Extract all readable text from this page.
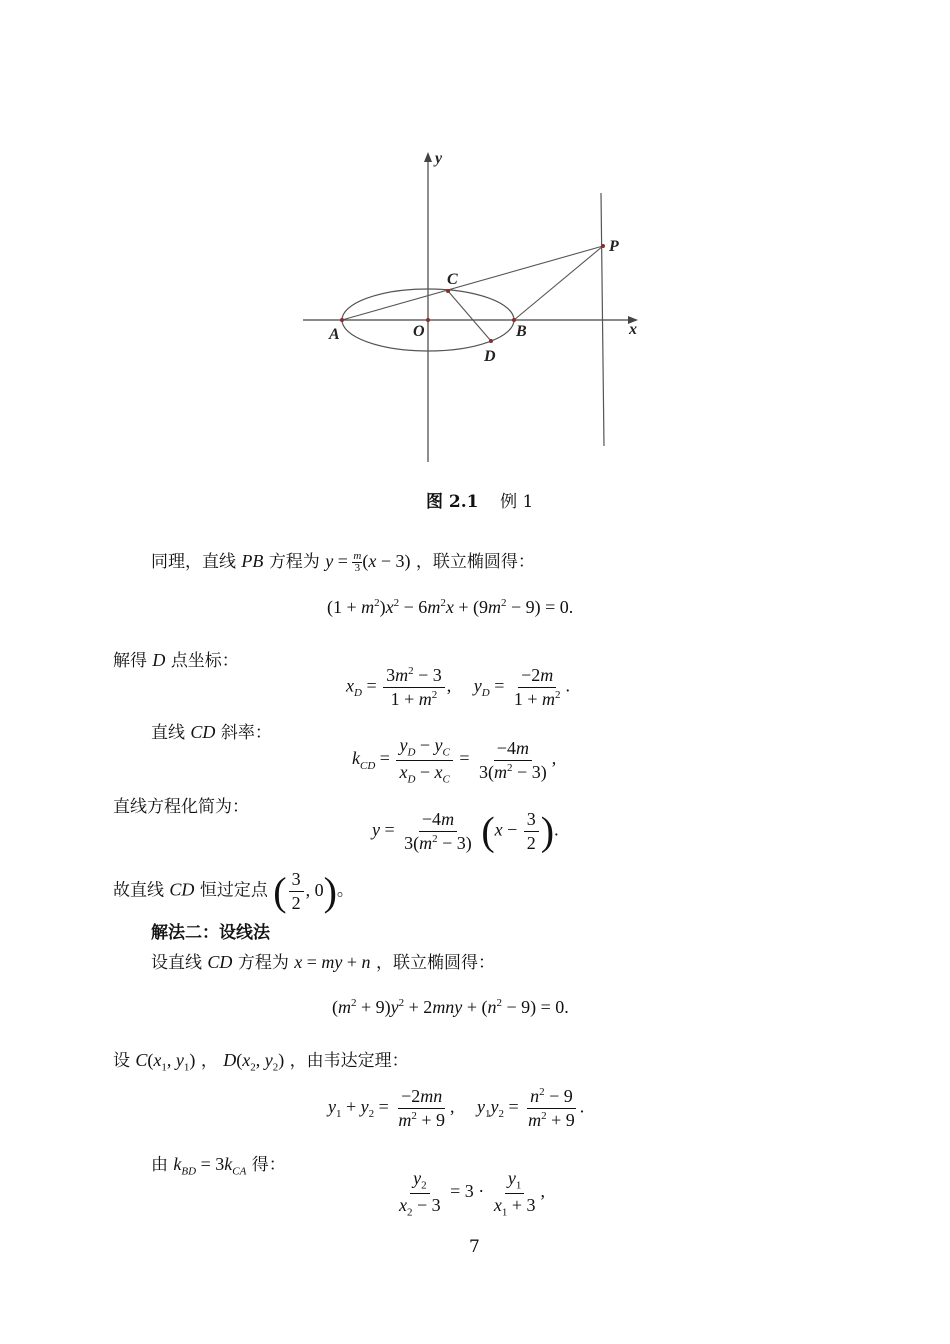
y
x
P
C
A	O	B
D
图 2.1 例 1
同理，直线 PB 方程为 $y = \frac{m}{3} (x - 3)$ ，联立椭圆得：
$(1 + m^2)x^2 - 6m^2x + (9m^2 - 9) = 0$.
解得 D 点坐标：
$x_D = \frac{3m^2 - 3}{1 + m^2}$ ,     $y_D = \frac{-2m}{1 + m^2}$ .
直线 CD 斜率：
$k_{CD} = \frac{y_D - y_C}{x_D - x_C} = \frac{-4m}{3(m^2 - 3)}$ ,
直线方程化简为：
$y = \frac{-4m}{3(m^2 - 3)} (x - \frac{3}{2}$ ).
故直线 CD 恒过定点 ( $\frac{3}{2}$ , 0)。
解法二：设线法
设直线 CD 方程为 x = my + n ，联立椭圆得：
$(m^2 + 9)y^2 + 2mny + (n^2 - 9) = 0$.
设 $C(x_1$, $y_1$) ， $D(x_2$, $y_2$) ，由韦达定理：
$y_1 + y_2 = \frac{-2mn}{m^2 + 9}$ ,     $y_1y_2 = \frac{n^2 - 9}{m^2 + 9}$ .
由 $k_{BD} = 3k_{CA}$ 得：
$\frac{y_2}{x_2 - 3} = 3 \cdot \frac{y_1}{x_1 + 3}$ ,
7
